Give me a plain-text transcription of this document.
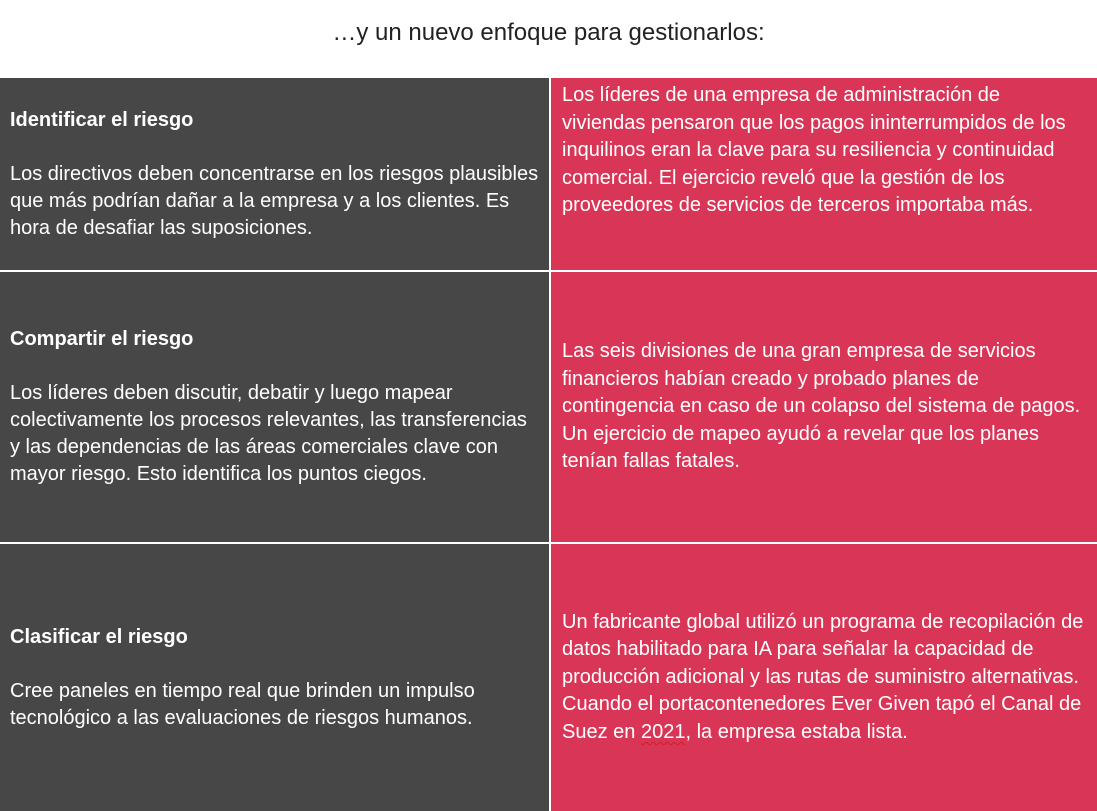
…y un nuevo enfoque para gestionarlos:

Identificar el riesgo

Los directivos deben concentrarse en los riesgos plausibles que más podrían dañar a la empresa y a los clientes. Es hora de desafiar las suposiciones.

Los líderes de una empresa de administración de viviendas pensaron que los pagos ininterrumpidos de los inquilinos eran la clave para su resiliencia y continuidad comercial. El ejercicio reveló que la gestión de los proveedores de servicios de terceros importaba más.

Compartir el riesgo

Los líderes deben discutir, debatir y luego mapear colectivamente los procesos relevantes, las transferencias y las dependencias de las áreas comerciales clave con mayor riesgo. Esto identifica los puntos ciegos.

Las seis divisiones de una gran empresa de servicios financieros habían creado y probado planes de contingencia en caso de un colapso del sistema de pagos. Un ejercicio de mapeo ayudó a revelar que los planes tenían fallas fatales.

Clasificar el riesgo

Cree paneles en tiempo real que brinden un impulso tecnológico a las evaluaciones de riesgos humanos.

Un fabricante global utilizó un programa de recopilación de datos habilitado para IA para señalar la capacidad de producción adicional y las rutas de suministro alternativas. Cuando el portacontenedores Ever Given tapó el Canal de Suez en 2021, la empresa estaba lista.
